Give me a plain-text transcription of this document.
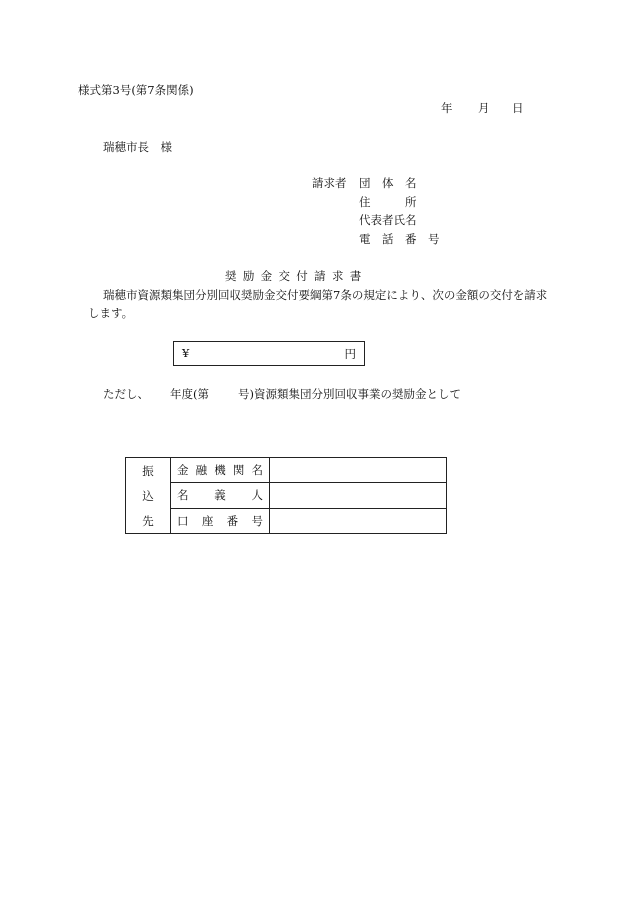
様式第3号(第7条関係)
年 月 日
瑞穂市長　様
請求者 団　体　名
住　　　所
代表者氏名
電　話　番　号
奨励金交付請求書
瑞穂市資源類集団分別回収奨励金交付要綱第7条の規定により、次の金額の交付を請求
します。
¥	円
ただし、 年度(第	号)資源類集団分別回収事業の奨励金として
振
込
先	金 融 機 関 名	

	名 義 人	

	口 座 番 号	
